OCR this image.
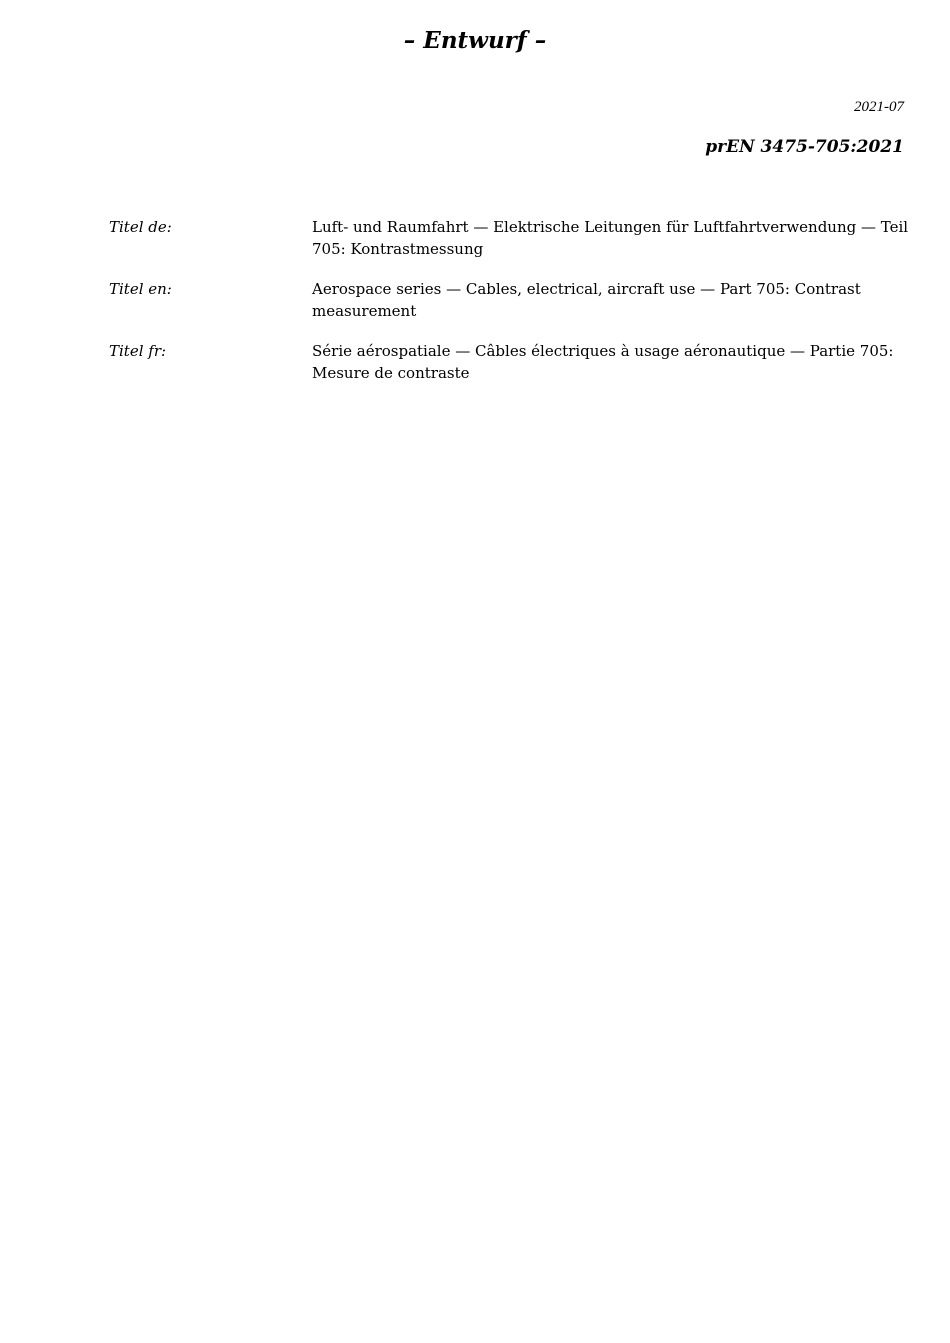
– Entwurf –
2021-07
prEN 3475-705:2021
Titel de:	Luft- und Raumfahrt — Elektrische Leitungen für Luftfahrtverwendung — Teil 705: Kontrastmessung
Titel en:	Aerospace series — Cables, electrical, aircraft use — Part 705: Contrast measurement
Titel fr:	Série aérospatiale — Câbles électriques à usage aéronautique — Partie 705: Mesure de contraste
